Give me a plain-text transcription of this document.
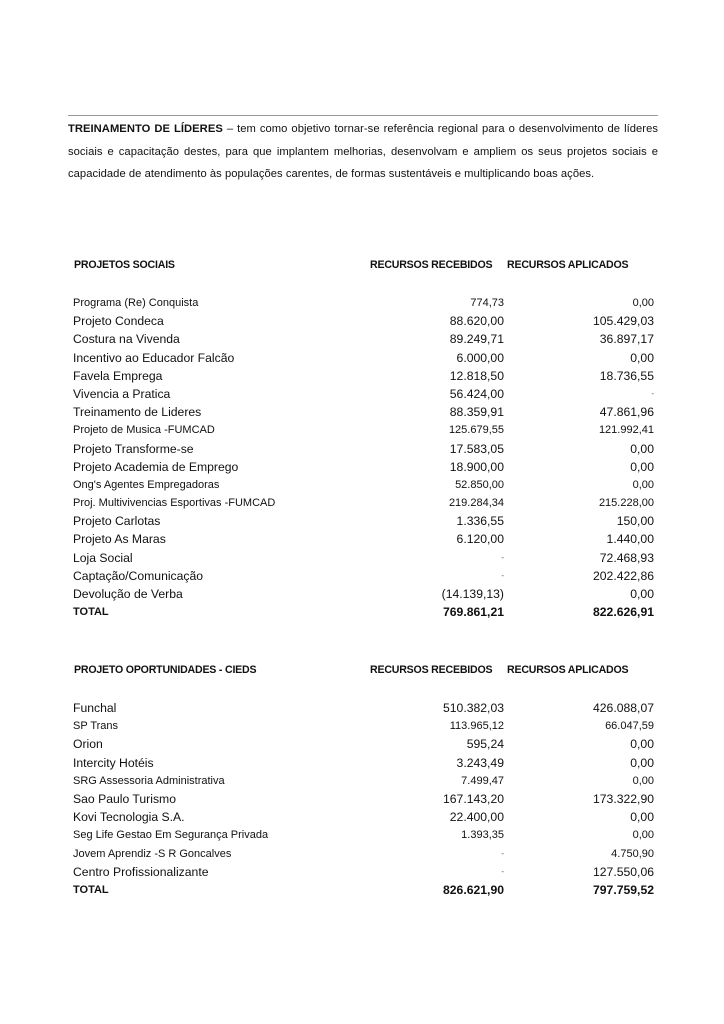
TREINAMENTO DE LÍDERES – tem como objetivo tornar-se referência regional para o desenvolvimento de líderes sociais e capacitação destes, para que implantem melhorias, desenvolvam e ampliem os seus projetos sociais e capacidade de atendimento às populações carentes, de formas sustentáveis e multiplicando boas ações.
PROJETOS SOCIAIS	RECURSOS RECEBIDOS RECURSOS APLICADOS
Programa (Re) Conquista	774,73	0,00
Projeto Condeca	88.620,00	105.429,03
Costura na Vivenda	89.249,71	36.897,17
Incentivo ao Educador Falcão	6.000,00	0,00
Favela Emprega	12.818,50	18.736,55
Vivencia a Pratica	56.424,00	-
Treinamento de Lideres	88.359,91	47.861,96
Projeto de Musica -FUMCAD	125.679,55	121.992,41
Projeto Transforme-se	17.583,05	0,00
Projeto Academia de Emprego	18.900,00	0,00
Ong's Agentes Empregadoras	52.850,00	0,00
Proj. Multivivencias Esportivas -FUMCAD	219.284,34	215.228,00
Projeto Carlotas	1.336,55	150,00
Projeto As Maras	6.120,00	1.440,00
Loja Social	-	72.468,93
Captação/Comunicação	-	202.422,86
Devolução de Verba	(14.139,13)	0,00
TOTAL	769.861,21	822.626,91
PROJETO OPORTUNIDADES - CIEDS	RECURSOS RECEBIDOS RECURSOS APLICADOS
Funchal	510.382,03	426.088,07
SP Trans	113.965,12	66.047,59
Orion	595,24	0,00
Intercity Hotéis	3.243,49	0,00
SRG Assessoria Administrativa	7.499,47	0,00
Sao Paulo Turismo	167.143,20	173.322,90
Kovi Tecnologia S.A.	22.400,00	0,00
Seg Life Gestao Em Segurança Privada	1.393,35	0,00
Jovem Aprendiz -S R Goncalves	-	4.750,90
Centro Profissionalizante	-	127.550,06
TOTAL	826.621,90	797.759,52
